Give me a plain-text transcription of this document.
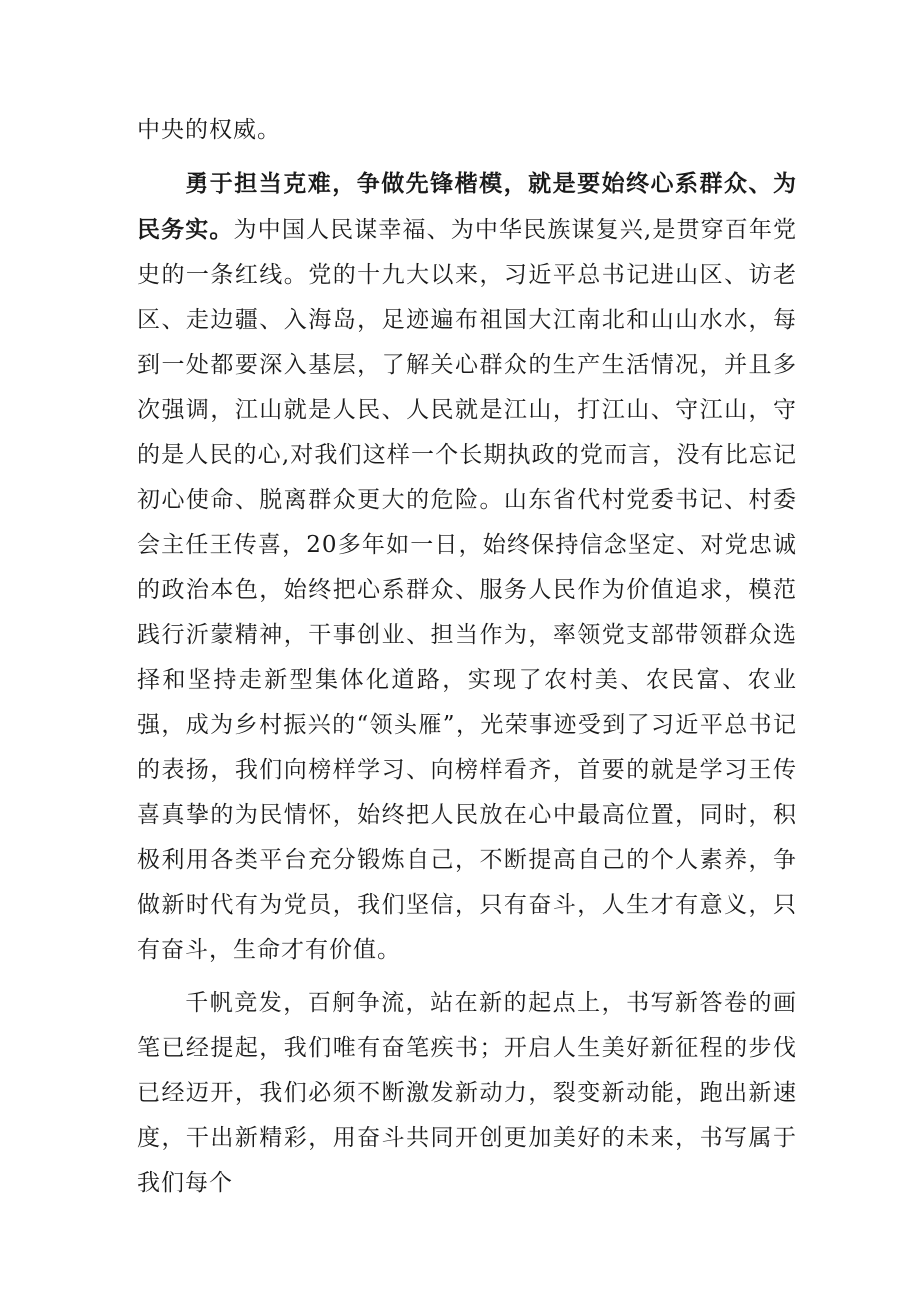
中央的权威。

勇于担当克难，争做先锋楷模，就是要始终心系群众、为民务实。为中国人民谋幸福、为中华民族谋复兴,是贯穿百年党史的一条红线。党的十九大以来，习近平总书记进山区、访老区、走边疆、入海岛，足迹遍布祖国大江南北和山山水水，每到一处都要深入基层，了解关心群众的生产生活情况，并且多次强调，江山就是人民、人民就是江山，打江山、守江山，守的是人民的心,对我们这样一个长期执政的党而言，没有比忘记初心使命、脱离群众更大的危险。山东省代村党委书记、村委会主任王传喜，20多年如一日，始终保持信念坚定、对党忠诚的政治本色，始终把心系群众、服务人民作为价值追求，模范践行沂蒙精神，干事创业、担当作为，率领党支部带领群众选择和坚持走新型集体化道路，实现了农村美、农民富、农业强，成为乡村振兴的“领头雁”，光荣事迹受到了习近平总书记的表扬，我们向榜样学习、向榜样看齐，首要的就是学习王传喜真挚的为民情怀，始终把人民放在心中最高位置，同时，积极利用各类平台充分锻炼自己，不断提高自己的个人素养，争做新时代有为党员，我们坚信，只有奋斗，人生才有意义，只有奋斗，生命才有价值。

千帆竞发，百舸争流，站在新的起点上，书写新答卷的画笔已经提起，我们唯有奋笔疾书；开启人生美好新征程的步伐已经迈开，我们必须不断激发新动力，裂变新动能，跑出新速度，干出新精彩，用奋斗共同开创更加美好的未来，书写属于我们每个
